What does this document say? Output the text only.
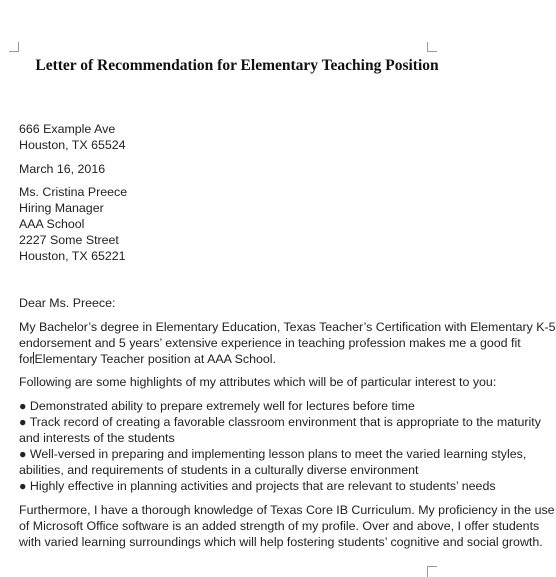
Letter of Recommendation for Elementary Teaching Position
666 Example Ave
Houston, TX 65524
March 16, 2016
Ms. Cristina Preece
Hiring Manager
AAA School
2227 Some Street
Houston, TX 65221
Dear Ms. Preece:
My Bachelor’s degree in Elementary Education, Texas Teacher’s Certification with Elementary K-5
endorsement and 5 years’ extensive experience in teaching profession makes me a good fit
forElementary Teacher position at AAA School.
Following are some highlights of my attributes which will be of particular interest to you:
● Demonstrated ability to prepare extremely well for lectures before time
● Track record of creating a favorable classroom environment that is appropriate to the maturity
and interests of the students
● Well-versed in preparing and implementing lesson plans to meet the varied learning styles,
abilities, and requirements of students in a culturally diverse environment
● Highly effective in planning activities and projects that are relevant to students’ needs
Furthermore, I have a thorough knowledge of Texas Core IB Curriculum. My proficiency in the use
of Microsoft Office software is an added strength of my profile. Over and above, I offer students
with varied learning surroundings which will help fostering students’ cognitive and social growth.
